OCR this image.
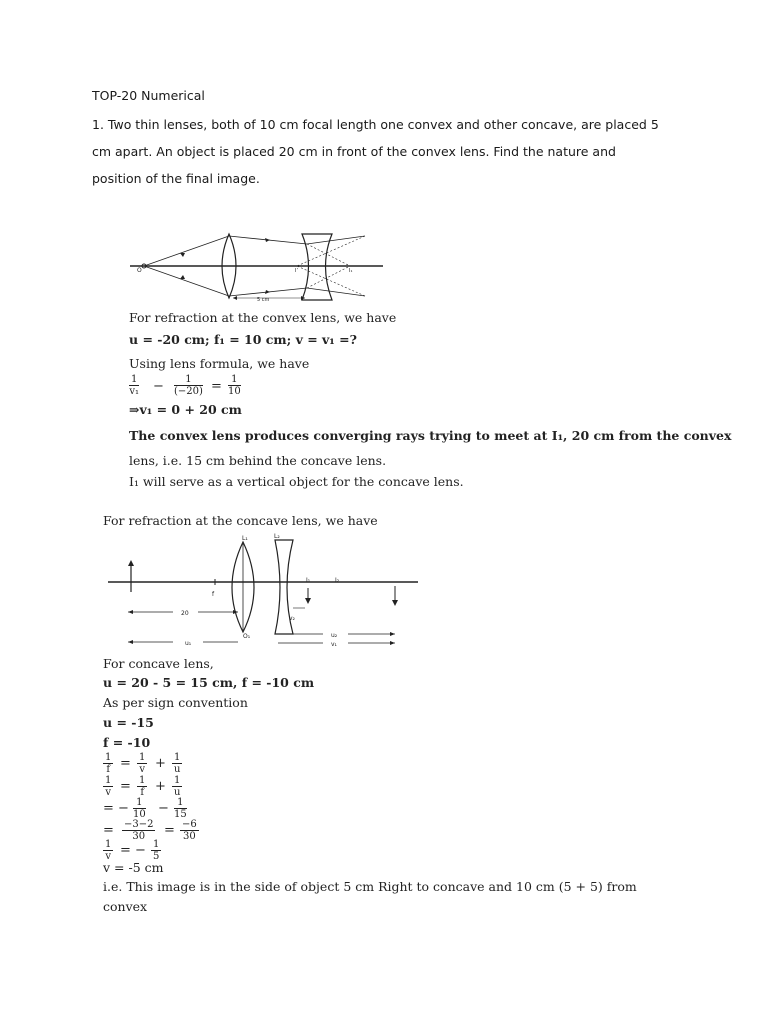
TOP-20 Numerical
1. Two thin lenses, both of 10 cm focal length one convex and other concave, are placed 5
cm apart. An object is placed 20 cm in front of the convex lens. Find the nature and
position of the final image.
O	I’	I₁
5 cm
For refraction at the convex lens, we have
u = -20 cm; f₁ = 10 cm; v = v₁ =?
Using lens formula, we have
$\frac{1}{\text{v₁}} - \frac{1}{(-20)} = \frac{1}{10}$
⇒v₁ = 0 + 20 cm
The convex lens produces converging rays trying to meet at I₁, 20 cm from the convex
lens, i.e. 15 cm behind the concave lens.
I₁ will serve as a vertical object for the concave lens.
For refraction at the concave lens, we have
f
L₁	L₂
I₁	I₂
v₂
20
O₁
u₁
u₂
v₁
For concave lens,
u = 20 - 5 = 15 cm, f = -10 cm
As per sign convention
u = -15
f = -10
$\frac{1}{f} = \frac{1}{v} + \frac{1}{u}$
$\frac{1}{v} = \frac{1}{f} + \frac{1}{u}$
= − $\frac{1}{10} - \frac{1}{15}$
= $\frac{-3-2}{30} = \frac{-6}{30}$
$\frac{1}{v}$ = − $\frac{1}{5}$
v = -5 cm
i.e. This image is in the side of object 5 cm Right to concave and 10 cm (5 + 5) from
convex
